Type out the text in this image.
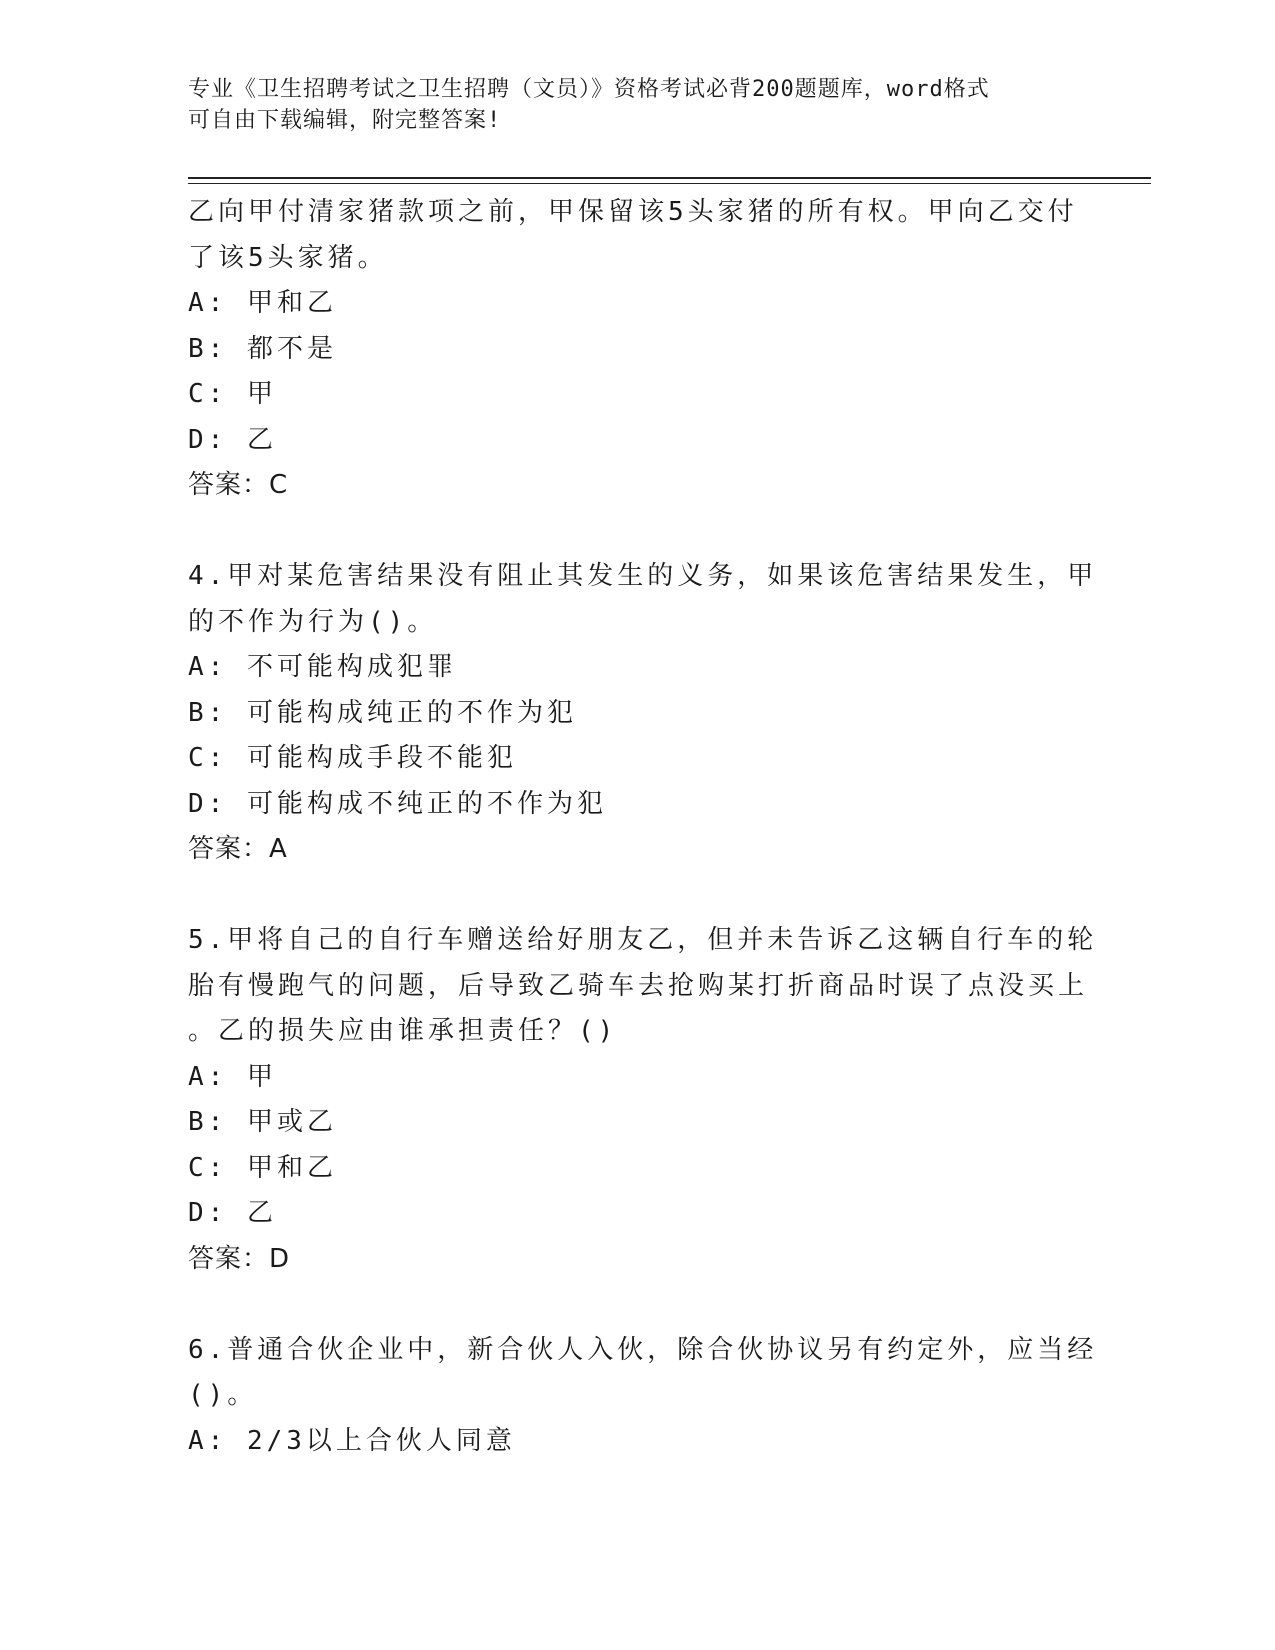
专业《卫生招聘考试之卫生招聘（文员）》资格考试必背200题题库，word格式
可自由下载编辑，附完整答案!
乙向甲付清家猪款项之前，甲保留该5头家猪的所有权。甲向乙交付
了该5头家猪。
A: 甲和乙
B: 都不是
C: 甲
D: 乙
答案：C
4.甲对某危害结果没有阻止其发生的义务，如果该危害结果发生，甲
的不作为行为()。
A: 不可能构成犯罪
B: 可能构成纯正的不作为犯
C: 可能构成手段不能犯
D: 可能构成不纯正的不作为犯
答案：A
5.甲将自己的自行车赠送给好朋友乙，但并未告诉乙这辆自行车的轮
胎有慢跑气的问题，后导致乙骑车去抢购某打折商品时误了点没买上
。乙的损失应由谁承担责任？()
A: 甲
B: 甲或乙
C: 甲和乙
D: 乙
答案：D
6.普通合伙企业中，新合伙人入伙，除合伙协议另有约定外，应当经
()。
A: 2/3以上合伙人同意
